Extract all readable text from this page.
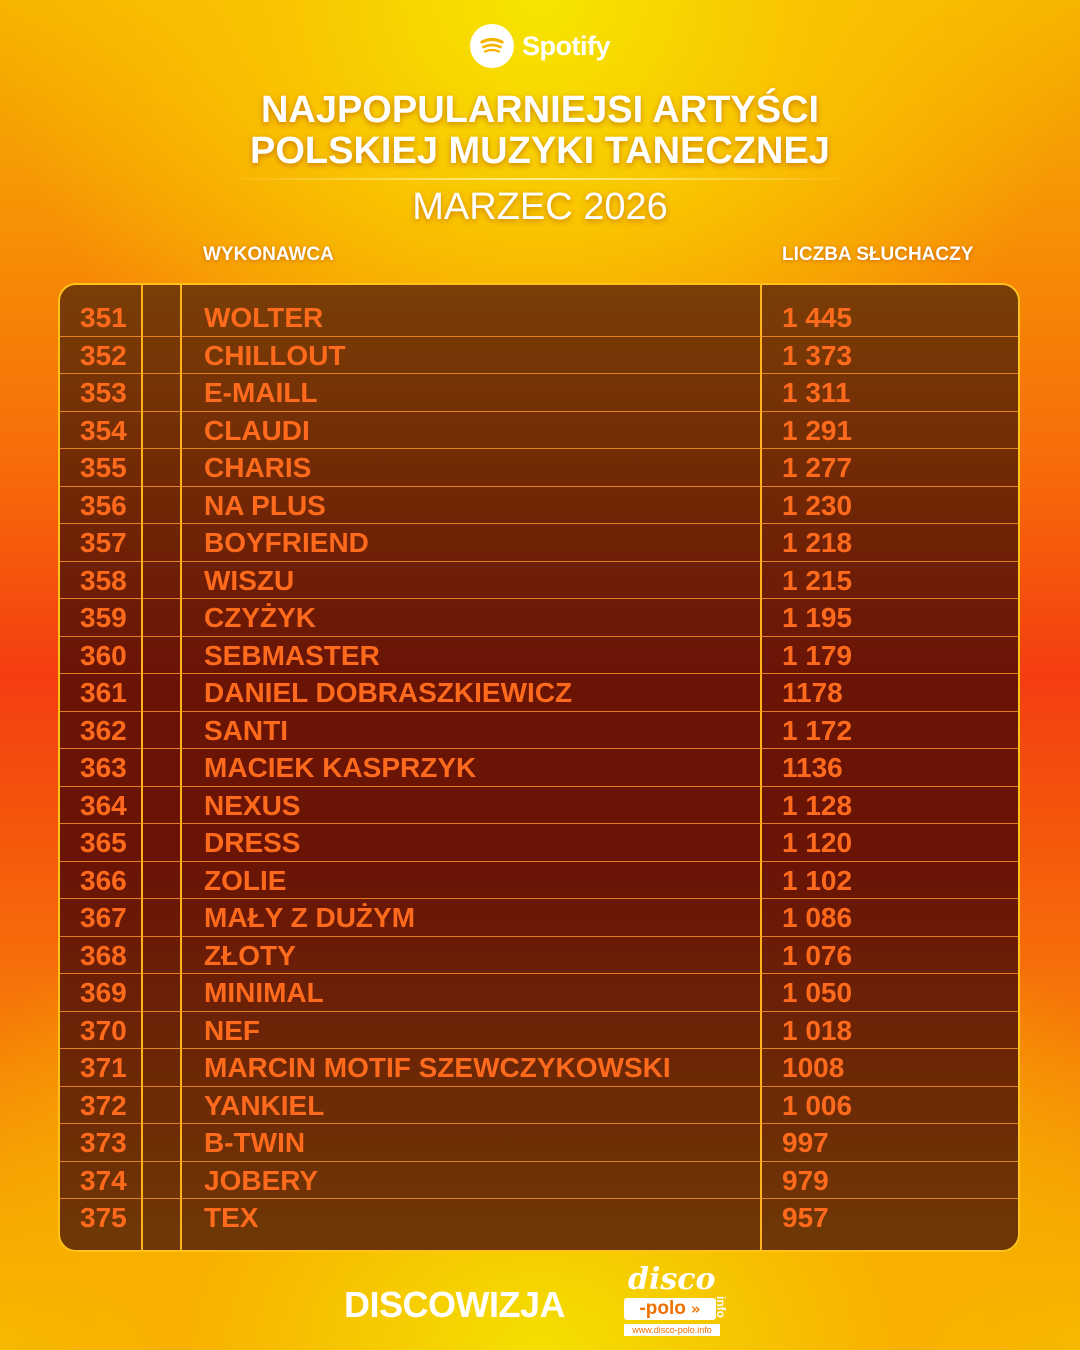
Spotify
NAJPOPULARNIEJSI ARTYŚCI
POLSKIEJ MUZYKI TANECZNEJ
MARZEC 2026
WYKONAWCA	LICZBA SŁUCHACZY
351	WOLTER	1 445
352	CHILLOUT	1 373
353	E-MAILL	1 311
354	CLAUDI	1 291
355	CHARIS	1 277
356	NA PLUS	1 230
357	BOYFRIEND	1 218
358	WISZU	1 215
359	CZYŻYK	1 195
360	SEBMASTER	1 179
361	DANIEL DOBRASZKIEWICZ	1178
362	SANTI	1 172
363	MACIEK KASPRZYK	1136
364	NEXUS	1 128
365	DRESS	1 120
366	ZOLIE	1 102
367	MAŁY Z DUŻYM	1 086
368	ZŁOTY	1 076
369	MINIMAL	1 050
370	NEF	1 018
371	MARCIN MOTIF SZEWCZYKOWSKI	1008
372	YANKIEL	1 006
373	B-TWIN	997
374	JOBERY	979
375	TEX	957
DISCOWIZJA
disco
-polo » info
www.disco-polo.info
